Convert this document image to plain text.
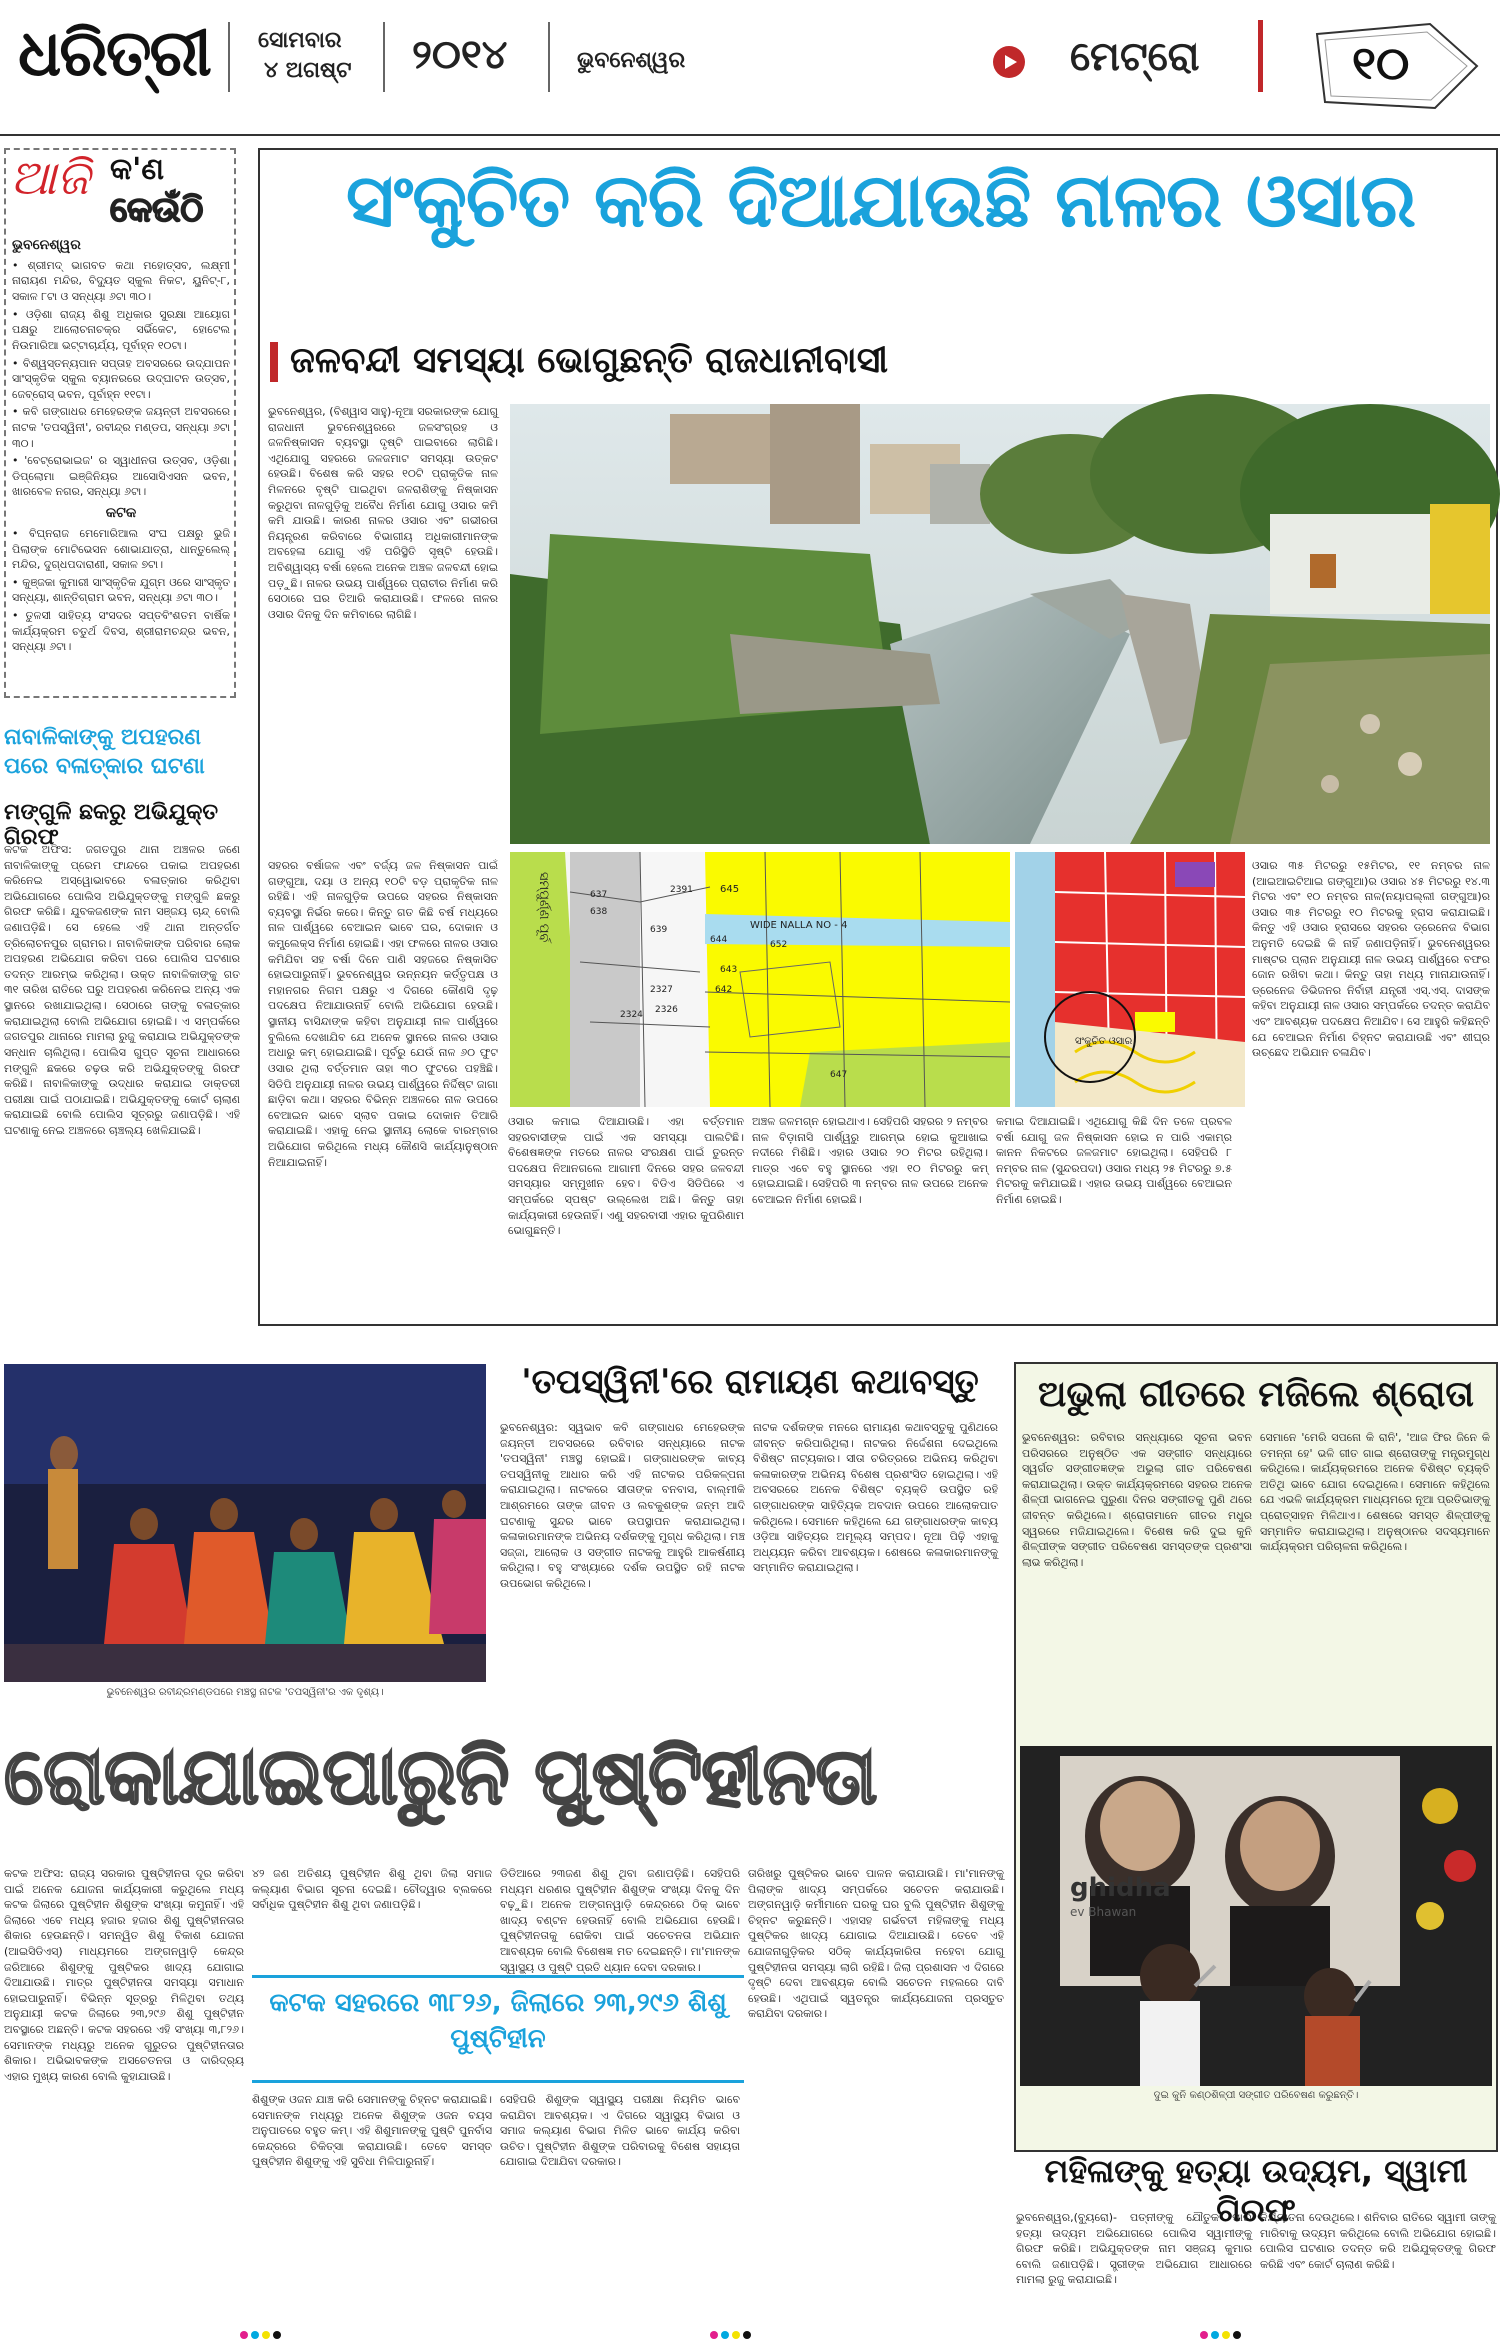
ଧରିତ୍ରୀ ସୋମବାର
୪ ଅଗଷ୍ଟ ୨୦୧୪	ଭୁବନେଶ୍ୱର	ମେଟ୍ରୋ	୧୦
ଆଜି କ'ଣ
କେଉଁଠି
ଭୁବନେଶ୍ୱର

• ଶ୍ରୀମଦ୍ ଭାଗବତ କଥା ମହୋତ୍ସବ, ଲକ୍ଷ୍ମୀ ନାରାୟଣ ମନ୍ଦିର, ବିଦ୍ୟୁତ ସ୍କୁଲ ନିକଟ, ୟୁନିଟ୍-୮, ସକାଳ ୮ଟା ଓ ସନ୍ଧ୍ୟା ୬ଟା ୩୦।

• ଓଡ଼ିଶା ରାଜ୍ୟ ଶିଶୁ ଅଧିକାର ସୁରକ୍ଷା ଆୟୋଗ ପକ୍ଷରୁ ଆଲୋଚନାଚକ୍ର ସର୍ଭିକେଟ, ହୋଟେଲ ନିଉମାରିଆ ଭଟ୍ଟାଚାର୍ଯ୍ୟ, ପୂର୍ବାହ୍ନ ୧୦ଟା।

• ବିଶ୍ୱସ୍ତନ୍ୟପାନ ସପ୍ତାହ ଅବସରରେ ଉଦ୍‌ଯାପନ ସାଂସ୍କୃତିକ ସ୍କୁଲ ବ୍ୟାନରରେ ଉଦ୍‌ଘାଟନ ଉତ୍ସବ, ଜେବ୍ରୋସ୍ ଭବନ, ପୂର୍ବାହ୍ନ ୧୧ଟା।

• କବି ଗଙ୍ଗାଧର ମେହେରଙ୍କ ଜୟନ୍ତୀ ଅବସରରେ ନାଟକ 'ତପସ୍ୱିନୀ', ରବୀନ୍ଦ୍ର ମଣ୍ଡପ, ସନ୍ଧ୍ୟା ୬ଟା ୩୦।

• 'ବେଟ୍ରୋଭାଇଜ' ର ସ୍ୱାଧୀନତା ଉତ୍ସବ, ଓଡ଼ିଶା ଡିପ୍ଲୋମା ଇଞ୍ଜିନିୟର ଆସୋସିଏସନ ଭବନ, ଖାରବେଳ ନଗର, ସନ୍ଧ୍ୟା ୬ଟା।

କଟକ

• ବିଘ୍ନରାଜ ମେମୋରିଆଲ ସଂଘ ପକ୍ଷରୁ ଭୁଜି ପିଲାଙ୍କ ମୋଟିଭେସନ ଶୋଭାଯାତ୍ରା, ଧାନ୍ତୁଲେଲ୍ ମନ୍ଦିର, ଦୁଗ୍ଧପଦାରାଣୀ, ସକାଳ ୭ଟା।

• କୁଞ୍ଜକା କୁମାରୀ ସାଂସ୍କୃତିକ ଯୁଗ୍ମ ଓରେ ସାଂସ୍କୃତ ସନ୍ଧ୍ୟା, ଶାନ୍ତିଗ୍ରାମ ଭବନ, ସନ୍ଧ୍ୟା ୬ଟା ୩୦।

• ତୁଳସୀ ସାହିତ୍ୟ ସଂସଦର ସପ୍ତବିଂଶତମ ବାର୍ଷିକ କାର୍ଯ୍ୟକ୍ରମ ଚତୁର୍ଥ ଦିବସ, ଶ୍ରୀରାମଚନ୍ଦ୍ର ଭବନ, ସନ୍ଧ୍ୟା ୬ଟା।

ନାବାଳିକାଙ୍କୁ ଅପହରଣ ପରେ ବଳାତ୍କାର ଘଟଣା
ମଙ୍ଗୁଳି ଛକରୁ ଅଭିଯୁକ୍ତ ଗିରଫ
କଟକ ଅଫିସ: ଜଗତପୁର ଥାନା ଅଞ୍ଚଳର ଜଣେ ନାବାଳିକାଙ୍କୁ ପ୍ରେମ ଫାନ୍ଦରେ ପକାଇ ଅପହରଣ କରିନେଇ ଅସ୍ୱୋଭାବରେ ବଳାତ୍କାର କରିଥିବା ଅଭିଯୋଗରେ ପୋଲିସ ଅଭିଯୁକ୍ତଙ୍କୁ ମଙ୍ଗୁଳି ଛକରୁ ଗିରଫ କରିଛି। ଯୁବକଜଣଙ୍କ ନାମ ସଞ୍ଜୟ ଚାନ୍ଦ୍ ବୋଲି ଜଣାପଡ଼ିଛି। ସେ ହେଲେ ଏହି ଥାନା ଅନ୍ତର୍ଗତ ତ୍ରିଲୋଚନପୁର ଗ୍ରାମର। ନାବାଳିକାଙ୍କ ପରିବାର ଲୋକ ଅପହରଣ ଅଭିଯୋଗ କରିବା ପରେ ପୋଲିସ ଘଟଣାର ତଦନ୍ତ ଆରମ୍ଭ କରିଥିଲା। ଉକ୍ତ ନାବାଳିକାଙ୍କୁ ଗତ ୩୧ ତାରିଖ ରାତିରେ ଘରୁ ଅପହରଣ କରିନେଇ ଅନ୍ୟ ଏକ ସ୍ଥାନରେ ରଖାଯାଇଥିଲା। ସେଠାରେ ତାଙ୍କୁ ବଳାତ୍କାର କରାଯାଇଥିଲା ବୋଲି ଅଭିଯୋଗ ହୋଇଛି। ଏ ସମ୍ପର୍କରେ ଜଗତପୁର ଥାନାରେ ମାମଲା ରୁଜୁ କରାଯାଇ ଅଭିଯୁକ୍ତଙ୍କ ସନ୍ଧାନ ଚାଲିଥିଲା। ପୋଲିସ ଗୁପ୍ତ ସୂଚନା ଆଧାରରେ ମଙ୍ଗୁଳି ଛକରେ ଚଢ଼ଉ କରି ଅଭିଯୁକ୍ତଙ୍କୁ ଗିରଫ କରିଛି। ନାବାଳିକାଙ୍କୁ ଉଦ୍ଧାର କରାଯାଇ ଡାକ୍ତରୀ ପରୀକ୍ଷା ପାଇଁ ପଠାଯାଇଛି। ଅଭିଯୁକ୍ତଙ୍କୁ କୋର୍ଟ ଚାଲାଣ କରାଯାଇଛି ବୋଲି ପୋଲିସ ସୂତ୍ରରୁ ଜଣାପଡ଼ିଛି। ଏହି ଘଟଣାକୁ ନେଇ ଅଞ୍ଚଳରେ ଚାଞ୍ଚଲ୍ୟ ଖେଳିଯାଇଛି।
ସଂକୁଚିତ କରି ଦିଆଯାଉଛି ନାଳର ଓସାର
ଜଳବନ୍ଦୀ ସମସ୍ୟା ଭୋଗୁଛନ୍ତି ରାଜଧାନୀବାସୀ
ଭୁବନେଶ୍ୱର, (ବିଶ୍ୱାସ ସାହୁ)-ନୂଆ ସରକାରଙ୍କ ଯୋଗୁ ରାଜଧାନୀ ଭୁବନେଶ୍ୱରରେ ଜଳସଂଗ୍ରହ ଓ ଜଳନିଷ୍କାସନ ବ୍ୟବସ୍ଥା ଦୃଷ୍ଟି ପାଇବାରେ ଲାଗିଛି। ଏଥିଯୋଗୁ ସହରରେ ଜଳଜମାଟ ସମସ୍ୟା ଉତ୍କଟ ହେଉଛି। ବିଶେଷ କରି ସହର ୧୦ଟି ପ୍ରାକୃତିକ ନାଳ ମିଳନରେ ବୃଷ୍ଟି ପାଇଥିବା ଜଳରାଶିଙ୍କୁ ନିଷ୍କାସନ କରୁଥିବା ନାଳଗୁଡ଼ିକୁ ଅବୈଧ ନିର୍ମାଣ ଯୋଗୁ ଓସାର କମି କମି ଯାଉଛି। କାରଣ ନାଳର ଓସାର ଏବଂ ଗଭୀରତା ନିୟନ୍ତ୍ରଣ କରିବାରେ ବିଭାଗୀୟ ଅଧିକାରୀମାନଙ୍କ ଅବହେଳା ଯୋଗୁ ଏହି ପରିସ୍ଥିତି ସୃଷ୍ଟି ହେଉଛି। ଅବିଶ୍ୱାସ୍ୟ ବର୍ଷା ହେଲେ ଅନେକ ଅଞ୍ଚଳ ଜଳବନ୍ଦୀ ହୋଇ ପଡ଼ୁଛି। ନାଳର ଉଭୟ ପାର୍ଶ୍ୱରେ ପ୍ରାଚୀର ନିର୍ମାଣ କରି ସେଠାରେ ଘର ତିଆରି କରାଯାଉଛି। ଫଳରେ ନାଳର ଓସାର ଦିନକୁ ଦିନ କମିବାରେ ଲାଗିଛି।
WIDE NALLA NO - 4
637
638
639
2391	645
644	652
643
2327
2324 2326
642
647
ସମ୍ପୁର୍ଣ୍ଣ ପୂର୍ବ
ସଂକୁଚିତ ଓସାର
ସହରର ବର୍ଷାଜଳ ଏବଂ ବର୍ଜ୍ୟ ଜଳ ନିଷ୍କାସନ ପାଇଁ ଗଙ୍ଗୁଆ, ଦୟା ଓ ଅନ୍ୟ ୧୦ଟି ବଡ଼ ପ୍ରାକୃତିକ ନାଳ ରହିଛି। ଏହି ନାଳଗୁଡ଼ିକ ଉପରେ ସହରର ନିଷ୍କାସନ ବ୍ୟବସ୍ଥା ନିର୍ଭର କରେ। କିନ୍ତୁ ଗତ କିଛି ବର୍ଷ ମଧ୍ୟରେ ନାଳ ପାର୍ଶ୍ୱରେ ବେଆଇନ ଭାବେ ଘର, ଦୋକାନ ଓ କମ୍ପ୍ଲେକ୍ସ ନିର୍ମାଣ ହୋଇଛି। ଏହା ଫଳରେ ନାଳର ଓସାର କମିଯିବା ସହ ବର୍ଷା ଦିନେ ପାଣି ସହଜରେ ନିଷ୍କାସିତ ହୋଇପାରୁନାହିଁ। ଭୁବନେଶ୍ୱର ଉନ୍ନୟନ କର୍ତ୍ତୃପକ୍ଷ ଓ ମହାନଗର ନିଗମ ପକ୍ଷରୁ ଏ ଦିଗରେ କୌଣସି ଦୃଢ଼ ପଦକ୍ଷେପ ନିଆଯାଉନାହିଁ ବୋଲି ଅଭିଯୋଗ ହେଉଛି। ସ୍ଥାନୀୟ ବାସିନ୍ଦାଙ୍କ କହିବା ଅନୁଯାୟୀ ନାଳ ପାର୍ଶ୍ୱରେ ବୁଲିଲେ ଦେଖାଯିବ ଯେ ଅନେକ ସ୍ଥାନରେ ନାଳର ଓସାର ଅଧାରୁ କମ୍ ହୋଇଯାଇଛି। ପୂର୍ବରୁ ଯେଉଁ ନାଳ ୬୦ ଫୁଟ ଓସାର ଥିଲା ବର୍ତ୍ତମାନ ତାହା ୩୦ ଫୁଟରେ ପହଞ୍ଚିଛି। ସିଡିପି ଅନୁଯାୟୀ ନାଳର ଉଭୟ ପାର୍ଶ୍ୱରେ ନିର୍ଦ୍ଦିଷ୍ଟ ଜାଗା ଛାଡ଼ିବା କଥା। ସହରର ବିଭିନ୍ନ ଅଞ୍ଚଳରେ ନାଳ ଉପରେ ବେଆଇନ ଭାବେ ସ୍ଲାବ ପକାଇ ଦୋକାନ ତିଆରି କରାଯାଇଛି। ଏହାକୁ ନେଇ ସ୍ଥାନୀୟ ଲୋକେ ବାରମ୍ବାର ଅଭିଯୋଗ କରିଥିଲେ ମଧ୍ୟ କୌଣସି କାର୍ଯ୍ୟାନୁଷ୍ଠାନ ନିଆଯାଇନାହିଁ।
ଓସାର କମାଇ ଦିଆଯାଉଛି। ଏହା ବର୍ତ୍ତମାନ ସହରବାସୀଙ୍କ ପାଇଁ ଏକ ସମସ୍ୟା ପାଲଟିଛି। ବିଶେଷଜ୍ଞଙ୍କ ମତରେ ନାଳର ସଂରକ୍ଷଣ ପାଇଁ ତୁରନ୍ତ ପଦକ୍ଷେପ ନିଆନଗଲେ ଆଗାମୀ ଦିନରେ ସହର ଜଳବନ୍ଦୀ ସମସ୍ୟାର ସମ୍ମୁଖୀନ ହେବ। ବିଡିଏ ସିଡିପିରେ ଏ ସମ୍ପର୍କରେ ସ୍ପଷ୍ଟ ଉଲ୍ଲେଖ ଅଛି। କିନ୍ତୁ ତାହା କାର୍ଯ୍ୟକାରୀ ହେଉନାହିଁ। ଏଣୁ ସହରବାସୀ ଏହାର କୁପରିଣାମ ଭୋଗୁଛନ୍ତି।
ଅଞ୍ଚଳ ଜଳମଗ୍ନ ହୋଇଥାଏ। ସେହିପରି ସହରର ୨ ନମ୍ବର ନାଳ ବିଡ଼ାନାସି ପାର୍ଶ୍ୱରୁ ଆରମ୍ଭ ହୋଇ କୁଆଖାଇ ନଦୀରେ ମିଶିଛି। ଏହାର ଓସାର ୨୦ ମିଟର ରହିଥିଲା। ମାତ୍ର ଏବେ ବହୁ ସ୍ଥାନରେ ଏହା ୧୦ ମିଟରରୁ କମ୍ ହୋଇଯାଇଛି। ସେହିପରି ୩ ନମ୍ବର ନାଳ ଉପରେ ଅନେକ ବେଆଇନ ନିର୍ମାଣ ହୋଇଛି।
କମାଇ ଦିଆଯାଇଛି। ଏଥିଯୋଗୁ କିଛି ଦିନ ତଳେ ପ୍ରବଳ ବର୍ଷା ଯୋଗୁ ଜଳ ନିଷ୍କାସନ ହୋଇ ନ ପାରି ଏକାମ୍ର କାନନ ନିକଟରେ ଜଳଜମାଟ ହୋଇଥିଲା। ସେହିପରି ୮ ନମ୍ବର ନାଳ (ସୁନ୍ଦରପଦା) ଓସାର ମଧ୍ୟ ୨୫ ମିଟରରୁ ୭.୫ ମିଟରକୁ କମିଯାଇଛି। ଏହାର ଉଭୟ ପାର୍ଶ୍ୱରେ ବେଆଇନ ନିର୍ମାଣ ହୋଇଛି।
ଓସାର ୩୫ ମିଟରରୁ ୧୫ମିଟର, ୧୧ ନମ୍ବର ନାଳ (ଆଇଆଇଟିଆଇ ଗଙ୍ଗୁଆ)ର ଓସାର ୪୫ ମିଟରରୁ ୧୪.୩ ମିଟର ଏବଂ ୧୦ ନମ୍ବର ନାଳ(ନୟାପଲ୍ଲୀ ଗଙ୍ଗୁଆ)ର ଓସାର ୩୫ ମିଟରରୁ ୧୦ ମିଟରକୁ ହ୍ରାସ କରାଯାଇଛି। କିନ୍ତୁ ଏହି ଓସାର ହ୍ରାସରେ ସହରର ଡ୍ରେନେଜ ବିଭାଗ ଅନୁମତି ଦେଇଛି କି ନାହିଁ ଜଣାପଡ଼ିନାହିଁ। ଭୁବନେଶ୍ୱରର ମାଷ୍ଟର ପ୍ଲାନ ଅନୁଯାୟୀ ନାଳ ଉଭୟ ପାର୍ଶ୍ୱରେ ବଫର ଜୋନ ରଖିବା କଥା। କିନ୍ତୁ ତାହା ମଧ୍ୟ ମାନାଯାଉନାହିଁ। ଡ୍ରେନେଜ ଡିଭିଜନର ନିର୍ବାହୀ ଯନ୍ତ୍ରୀ ଏସ୍.ଏସ୍. ଦାସଙ୍କ କହିବା ଅନୁଯାୟୀ ନାଳ ଓସାର ସମ୍ପର୍କରେ ତଦନ୍ତ କରାଯିବ ଏବଂ ଆବଶ୍ୟକ ପଦକ୍ଷେପ ନିଆଯିବ। ସେ ଆହୁରି କହିଛନ୍ତି ଯେ ବେଆଇନ ନିର୍ମାଣ ଚିହ୍ନଟ କରାଯାଉଛି ଏବଂ ଶୀଘ୍ର ଉଚ୍ଛେଦ ଅଭିଯାନ ଚଳାଯିବ।
ଭୁବନେଶ୍ୱର ରବୀନ୍ଦ୍ରମଣ୍ଡପରେ ମଞ୍ଚସ୍ଥ ନାଟକ 'ତପସ୍ୱିନୀ'ର ଏକ ଦୃଶ୍ୟ।
'ତପସ୍ୱିନୀ'ରେ ରାମାୟଣ କଥାବସ୍ତୁ
ଭୁବନେଶ୍ୱର: ସ୍ୱଭାବ କବି ଗଙ୍ଗାଧର ମେହେରଙ୍କ ଜୟନ୍ତୀ ଅବସରରେ ରବିବାର ସନ୍ଧ୍ୟାରେ ନାଟକ 'ତପସ୍ୱିନୀ' ମଞ୍ଚସ୍ଥ ହୋଇଛି। ଗଙ୍ଗାଧରଙ୍କ କାବ୍ୟ ତପସ୍ୱିନୀକୁ ଆଧାର କରି ଏହି ନାଟକର ପରିକଳ୍ପନା କରାଯାଇଥିଲା। ନାଟକରେ ସୀତାଙ୍କ ବନବାସ, ବାଲ୍ମୀକି ଆଶ୍ରମରେ ତାଙ୍କ ଜୀବନ ଓ ଲବକୁଶଙ୍କ ଜନ୍ମ ଆଦି ଘଟଣାକୁ ସୁନ୍ଦର ଭାବେ ଉପସ୍ଥାପନ କରାଯାଇଥିଲା। କଳାକାରମାନଙ୍କ ଅଭିନୟ ଦର୍ଶକଙ୍କୁ ମୁଗ୍ଧ କରିଥିଲା। ମଞ୍ଚ ସଜ୍ଜା, ଆଲୋକ ଓ ସଙ୍ଗୀତ ନାଟକକୁ ଆହୁରି ଆକର୍ଷଣୀୟ କରିଥିଲା। ବହୁ ସଂଖ୍ୟାରେ ଦର୍ଶକ ଉପସ୍ଥିତ ରହି ନାଟକ ଉପଭୋଗ କରିଥିଲେ।
ନାଟକ ଦର୍ଶକଙ୍କ ମନରେ ରାମାୟଣ କଥାବସ୍ତୁକୁ ପୁଣିଥରେ ଜୀବନ୍ତ କରିପାରିଥିଲା। ନାଟକର ନିର୍ଦ୍ଦେଶନା ଦେଇଥିଲେ ବିଶିଷ୍ଟ ନାଟ୍ୟକାର। ସୀତା ଚରିତ୍ରରେ ଅଭିନୟ କରିଥିବା କଳାକାରଙ୍କ ଅଭିନୟ ବିଶେଷ ପ୍ରଶଂସିତ ହୋଇଥିଲା। ଏହି ଅବସରରେ ଅନେକ ବିଶିଷ୍ଟ ବ୍ୟକ୍ତି ଉପସ୍ଥିତ ରହି ଗଙ୍ଗାଧରଙ୍କ ସାହିତ୍ୟିକ ଅବଦାନ ଉପରେ ଆଲୋକପାତ କରିଥିଲେ। ସେମାନେ କହିଥିଲେ ଯେ ଗଙ୍ଗାଧରଙ୍କ କାବ୍ୟ ଓଡ଼ିଆ ସାହିତ୍ୟର ଅମୂଲ୍ୟ ସମ୍ପଦ। ନୂଆ ପିଢ଼ି ଏହାକୁ ଅଧ୍ୟୟନ କରିବା ଆବଶ୍ୟକ। ଶେଷରେ କଳାକାରମାନଙ୍କୁ ସମ୍ମାନିତ କରାଯାଇଥିଲା।
ଅଭୁଲା ଗୀତରେ ମଜିଲେ ଶ୍ରୋତା
ଭୁବନେଶ୍ୱର: ରବିବାର ସନ୍ଧ୍ୟାରେ ସୂଚନା ଭବନ ପରିସରରେ ଅନୁଷ୍ଠିତ ଏକ ସଙ୍ଗୀତ ସନ୍ଧ୍ୟାରେ ସ୍ୱର୍ଗତ ସଙ୍ଗୀତଜ୍ଞଙ୍କ ଅଭୁଲା ଗୀତ ପରିବେଷଣ କରାଯାଇଥିଲା। ଉକ୍ତ କାର୍ଯ୍ୟକ୍ରମରେ ସହରର ଅନେକ ଶିଳ୍ପୀ ଭାଗନେଇ ପୁରୁଣା ଦିନର ସଙ୍ଗୀତକୁ ପୁଣି ଥରେ ଜୀବନ୍ତ କରିଥିଲେ। ଶ୍ରୋତାମାନେ ଗୀତର ମଧୁର ସ୍ୱରରେ ମଜିଯାଇଥିଲେ। ବିଶେଷ କରି ଦୁଇ କୁନି ଶିଳ୍ପୀଙ୍କ ସଙ୍ଗୀତ ପରିବେଷଣ ସମସ୍ତଙ୍କ ପ୍ରଶଂସା ଲାଭ କରିଥିଲା।
ସେମାନେ 'ମେରି ସପନୋ କି ରାନି', 'ଆଜ ଫିର ଜିନେ କି ତମନ୍ନା ହେ' ଭଳି ଗୀତ ଗାଇ ଶ୍ରୋତାଙ୍କୁ ମନ୍ତ୍ରମୁଗ୍ଧ କରିଥିଲେ। କାର୍ଯ୍ୟକ୍ରମରେ ଅନେକ ବିଶିଷ୍ଟ ବ୍ୟକ୍ତି ଅତିଥି ଭାବେ ଯୋଗ ଦେଇଥିଲେ। ସେମାନେ କହିଥିଲେ ଯେ ଏଭଳି କାର୍ଯ୍ୟକ୍ରମ ମାଧ୍ୟମରେ ନୂଆ ପ୍ରତିଭାଙ୍କୁ ପ୍ରୋତ୍ସାହନ ମିଳିଥାଏ। ଶେଷରେ ସମସ୍ତ ଶିଳ୍ପୀଙ୍କୁ ସମ୍ମାନିତ କରାଯାଇଥିଲା। ଅନୁଷ୍ଠାନର ସଦସ୍ୟମାନେ କାର୍ଯ୍ୟକ୍ରମ ପରିଚାଳନା କରିଥିଲେ।
ghidha
ev Bhawan
ଦୁଇ କୁନି କଣ୍ଠଶିଳ୍ପୀ ସଙ୍ଗୀତ ପରିବେଷଣ କରୁଛନ୍ତି।
ରୋକାଯାଇପାରୁନି ପୁଷ୍ଟିହୀନତା
କଟକ ଅଫିସ: ରାଜ୍ୟ ସରକାର ପୁଷ୍ଟିହୀନତା ଦୂର କରିବା ପାଇଁ ଅନେକ ଯୋଜନା କାର୍ଯ୍ୟକାରୀ କରୁଥିଲେ ମଧ୍ୟ କଟକ ଜିଲାରେ ପୁଷ୍ଟିହୀନ ଶିଶୁଙ୍କ ସଂଖ୍ୟା କମୁନାହିଁ। ଏହି ଜିଲାରେ ଏବେ ମଧ୍ୟ ହଜାର ହଜାର ଶିଶୁ ପୁଷ୍ଟିହୀନତାର ଶିକାର ହେଉଛନ୍ତି। ସମନ୍ୱିତ ଶିଶୁ ବିକାଶ ଯୋଜନା (ଆଇସିଡିଏସ୍) ମାଧ୍ୟମରେ ଅଙ୍ଗନୱାଡ଼ି କେନ୍ଦ୍ର ଜରିଆରେ ଶିଶୁଙ୍କୁ ପୁଷ୍ଟିକର ଖାଦ୍ୟ ଯୋଗାଇ ଦିଆଯାଉଛି। ମାତ୍ର ପୁଷ୍ଟିହୀନତା ସମସ୍ୟା ସମାଧାନ ହୋଇପାରୁନାହିଁ। ବିଭିନ୍ନ ସୂତ୍ରରୁ ମିଳିଥିବା ତଥ୍ୟ ଅନୁଯାୟୀ କଟକ ଜିଲାରେ ୨୩,୨୯୬ ଶିଶୁ ପୁଷ୍ଟିହୀନ ଅବସ୍ଥାରେ ଅଛନ୍ତି। କଟକ ସହରରେ ଏହି ସଂଖ୍ୟା ୩,୮୨୬। ସେମାନଙ୍କ ମଧ୍ୟରୁ ଅନେକ ଗୁରୁତର ପୁଷ୍ଟିହୀନତାର ଶିକାର। ଅଭିଭାବକଙ୍କ ଅସଚେତନତା ଓ ଦାରିଦ୍ର୍ୟ ଏହାର ମୁଖ୍ୟ କାରଣ ବୋଲି କୁହାଯାଉଛି।
୪୨ ଜଣ ଅତିଶୟ ପୁଷ୍ଟିହୀନ ଶିଶୁ ଥିବା ଜିଲା ସମାଜ କଲ୍ୟାଣ ବିଭାଗ ସୂଚନା ଦେଇଛି। ଚୌଦ୍ୱାର ବ୍ଲକରେ ସର୍ବାଧିକ ପୁଷ୍ଟିହୀନ ଶିଶୁ ଥିବା ଜଣାପଡ଼ିଛି।
ଡିଡିଆରେ ୨୩ଜଣ ଶିଶୁ ଥିବା ଜଣାପଡ଼ିଛି। ସେହିପରି ମଧ୍ୟମ ଧରଣର ପୁଷ୍ଟିହୀନ ଶିଶୁଙ୍କ ସଂଖ୍ୟା ଦିନକୁ ଦିନ ବଢ଼ୁଛି। ଅନେକ ଅଙ୍ଗନୱାଡ଼ି କେନ୍ଦ୍ରରେ ଠିକ୍ ଭାବେ ଖାଦ୍ୟ ବଣ୍ଟନ ହେଉନାହିଁ ବୋଲି ଅଭିଯୋଗ ହେଉଛି। ପୁଷ୍ଟିହୀନତାକୁ ରୋକିବା ପାଇଁ ସଚେତନତା ଅଭିଯାନ ଆବଶ୍ୟକ ବୋଲି ବିଶେଷଜ୍ଞ ମତ ଦେଇଛନ୍ତି। ମା'ମାନଙ୍କ ସ୍ୱାସ୍ଥ୍ୟ ଓ ପୁଷ୍ଟି ପ୍ରତି ଧ୍ୟାନ ଦେବା ଦରକାର।
ତାରିଖରୁ ପୁଷ୍ଟିକର ଭାବେ ପାଳନ କରାଯାଉଛି। ମା'ମାନଙ୍କୁ ପିଲାଙ୍କ ଖାଦ୍ୟ ସମ୍ପର୍କରେ ସଚେତନ କରାଯାଉଛି। ଅଙ୍ଗନୱାଡ଼ି କର୍ମୀମାନେ ଘରକୁ ଘର ବୁଲି ପୁଷ୍ଟିହୀନ ଶିଶୁଙ୍କୁ ଚିହ୍ନଟ କରୁଛନ୍ତି। ଏହାସହ ଗର୍ଭବତୀ ମହିଳାଙ୍କୁ ମଧ୍ୟ ପୁଷ୍ଟିକର ଖାଦ୍ୟ ଯୋଗାଇ ଦିଆଯାଉଛି। ତେବେ ଏହି ଯୋଜନାଗୁଡ଼ିକର ସଠିକ୍ କାର୍ଯ୍ୟକାରିତା ନହେବା ଯୋଗୁ ପୁଷ୍ଟିହୀନତା ସମସ୍ୟା ଲାଗି ରହିଛି। ଜିଲା ପ୍ରଶାସନ ଏ ଦିଗରେ ଦୃଷ୍ଟି ଦେବା ଆବଶ୍ୟକ ବୋଲି ସଚେତନ ମହଲରେ ଦାବି ହେଉଛି। ଏଥିପାଇଁ ସ୍ୱତନ୍ତ୍ର କାର୍ଯ୍ୟଯୋଜନା ପ୍ରସ୍ତୁତ କରାଯିବା ଦରକାର।
କଟକ ସହରରେ ୩୮୨୬, ଜିଲାରେ ୨୩,୨୯୬ ଶିଶୁ ପୁଷ୍ଟିହୀନ
ଶିଶୁଙ୍କ ଓଜନ ଯାଞ୍ଚ କରି ସେମାନଙ୍କୁ ଚିହ୍ନଟ କରାଯାଇଛି। ସେମାନଙ୍କ ମଧ୍ୟରୁ ଅନେକ ଶିଶୁଙ୍କ ଓଜନ ବୟସ ଅନୁପାତରେ ବହୁତ କମ୍। ଏହି ଶିଶୁମାନଙ୍କୁ ପୁଷ୍ଟି ପୁନର୍ବାସ କେନ୍ଦ୍ରରେ ଚିକିତ୍ସା କରାଯାଉଛି। ତେବେ ସମସ୍ତ ପୁଷ୍ଟିହୀନ ଶିଶୁଙ୍କୁ ଏହି ସୁବିଧା ମିଳିପାରୁନାହିଁ।
ସେହିପରି ଶିଶୁଙ୍କ ସ୍ୱାସ୍ଥ୍ୟ ପରୀକ୍ଷା ନିୟମିତ ଭାବେ କରାଯିବା ଆବଶ୍ୟକ। ଏ ଦିଗରେ ସ୍ୱାସ୍ଥ୍ୟ ବିଭାଗ ଓ ସମାଜ କଲ୍ୟାଣ ବିଭାଗ ମିଳିତ ଭାବେ କାର୍ଯ୍ୟ କରିବା ଉଚିତ। ପୁଷ୍ଟିହୀନ ଶିଶୁଙ୍କ ପରିବାରକୁ ବିଶେଷ ସହାୟତା ଯୋଗାଇ ଦିଆଯିବା ଦରକାର।	ମହିଳାଙ୍କୁ ହତ୍ୟା ଉଦ୍ୟମ, ସ୍ୱାମୀ ଗିରଫ
ଭୁବନେଶ୍ୱର,(ବ୍ୟୁରୋ)- ପତ୍ନୀଙ୍କୁ ଯୌତୁକ ପାଇଁ ହତ୍ୟା ଉଦ୍ୟମ ଅଭିଯୋଗରେ ପୋଲିସ ସ୍ୱାମୀଙ୍କୁ ଗିରଫ କରିଛି। ଅଭିଯୁକ୍ତଙ୍କ ନାମ ସଞ୍ଜୟ କୁମାର ବୋଲି ଜଣାପଡ଼ିଛି। ସ୍ତ୍ରୀଙ୍କ ଅଭିଯୋଗ ଆଧାରରେ ମାମଲା ରୁଜୁ କରାଯାଇଛି।
ନିର୍ଯ୍ୟାତନା ଦେଉଥିଲେ। ଶନିବାର ରାତିରେ ସ୍ୱାମୀ ତାଙ୍କୁ ମାରିବାକୁ ଉଦ୍ୟମ କରିଥିଲେ ବୋଲି ଅଭିଯୋଗ ହୋଇଛି। ପୋଲିସ ଘଟଣାର ତଦନ୍ତ କରି ଅଭିଯୁକ୍ତଙ୍କୁ ଗିରଫ କରିଛି ଏବଂ କୋର୍ଟ ଚାଲାଣ କରିଛି।
